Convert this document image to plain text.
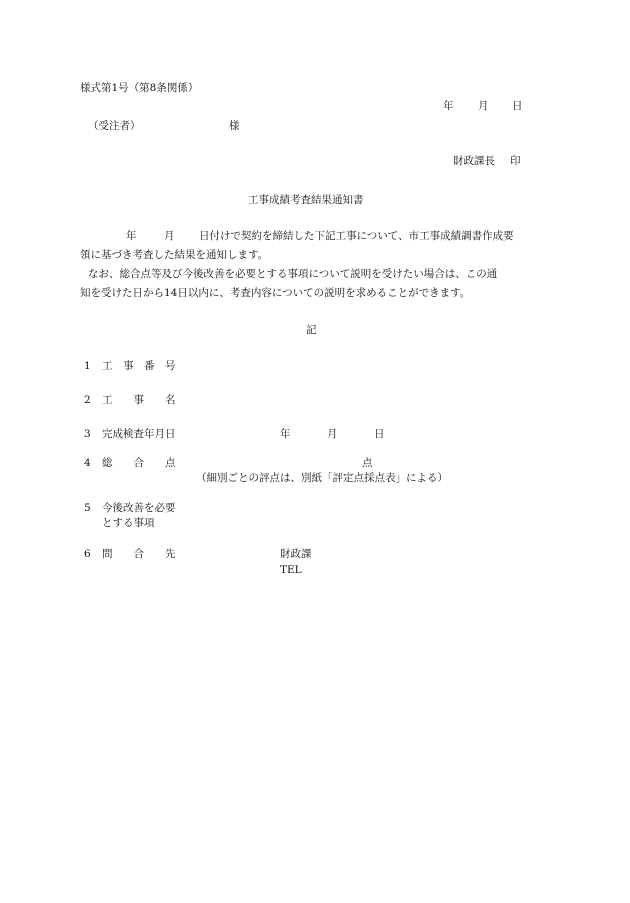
様式第1号（第8条関係）
年 月 日
（受注者）	様
財政課長 印
工事成績考査結果通知書
年	月 日付けで契約を締結した下記工事について、市工事成績調書作成要
領に基づき考査した結果を通知します。
なお、総合点等及び今後改善を必要とする事項について説明を受けたい場合は、この通
知を受けた日から14日以内に、考査内容についての説明を求めることができます。
記
1 工　事　番　号
2 工　　事　　名
3 完成検査年月日	年	月	日
4 総　　合　　点	点
（細別ごとの評点は、別紙「評定点採点表」による）
5 今後改善を必要
とする事項
6 問　　合　　先	財政課
TEL
